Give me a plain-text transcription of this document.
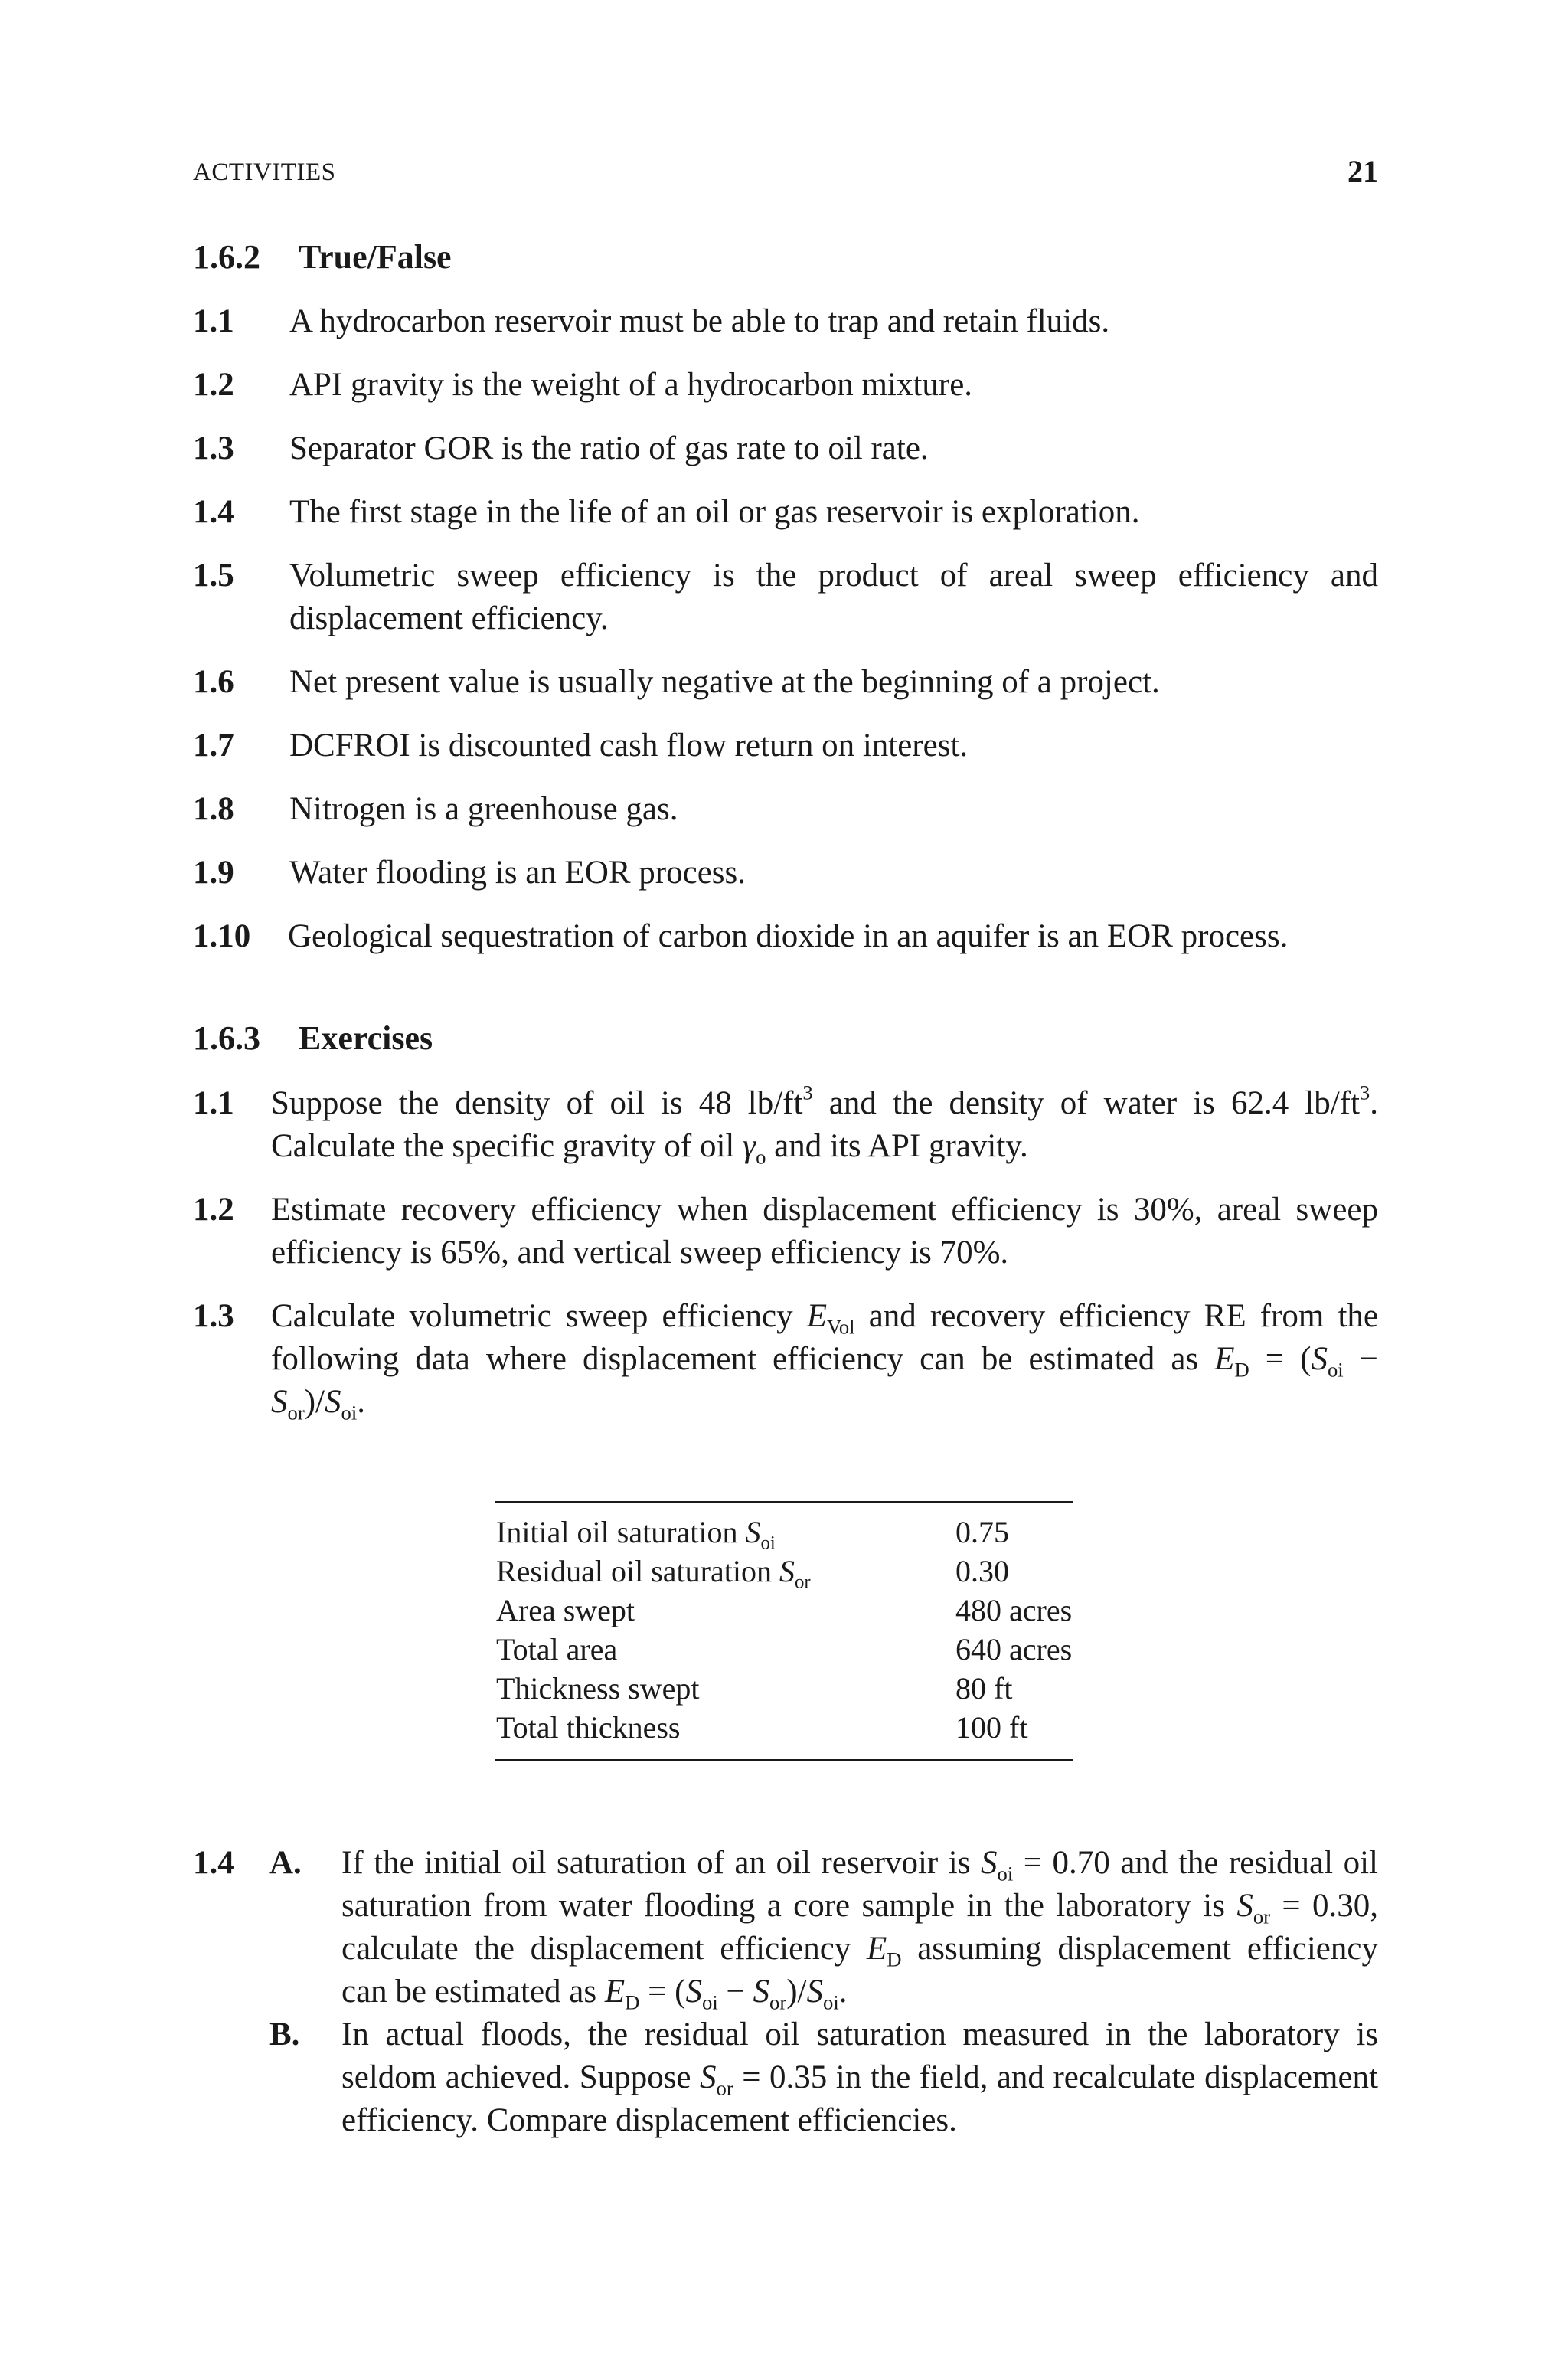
ACTIVITIES	21
1.6.2 True/False
1.1 A hydrocarbon reservoir must be able to trap and retain fluids.
1.2 API gravity is the weight of a hydrocarbon mixture.
1.3 Separator GOR is the ratio of gas rate to oil rate.
1.4 The first stage in the life of an oil or gas reservoir is exploration.
1.5 Volumetric sweep efficiency is the product of areal sweep efficiency and displacement efficiency.
1.6 Net present value is usually negative at the beginning of a project.
1.7 DCFROI is discounted cash flow return on interest.
1.8 Nitrogen is a greenhouse gas.
1.9 Water flooding is an EOR process.
1.10 Geological sequestration of carbon dioxide in an aquifer is an EOR process.
1.6.3 Exercises
1.1 Suppose the density of oil is 48 $lb/ft^3$ and the density of water is 62.4 $lb/ft^3$. Calculate the specific gravity of oil $\gamma_o$ and its API gravity.
1.2 Estimate recovery efficiency when displacement efficiency is 30%, areal sweep efficiency is 65%, and vertical sweep efficiency is 70%.
1.3 Calculate volumetric sweep efficiency $E_{Vol}$ and recovery efficiency RE from the following data where displacement efficiency can be estimated as $E_D = (S_{oi} - S_{or})/S_{oi}$.
Initial oil saturation $S_{oi}$	0.75
Residual oil saturation $S_{or}$	0.30
Area swept	480 acres
Total area	640 acres
Thickness swept	80 ft
Total thickness	100 ft
1.4 A. If the initial oil saturation of an oil reservoir is $S_{oi} = 0.70$ and the residual oil saturation from water flooding a core sample in the laboratory is $S_{or} = 0.30$, calculate the displacement efficiency $E_D$ assuming displacement efficiency can be estimated as $E_D = (S_{oi} - S_{or})/S_{oi}$.
B. In actual floods, the residual oil saturation measured in the laboratory is seldom achieved. Suppose $S_{or} = 0.35$ in the field, and recalculate displacement efficiency. Compare displacement efficiencies.
